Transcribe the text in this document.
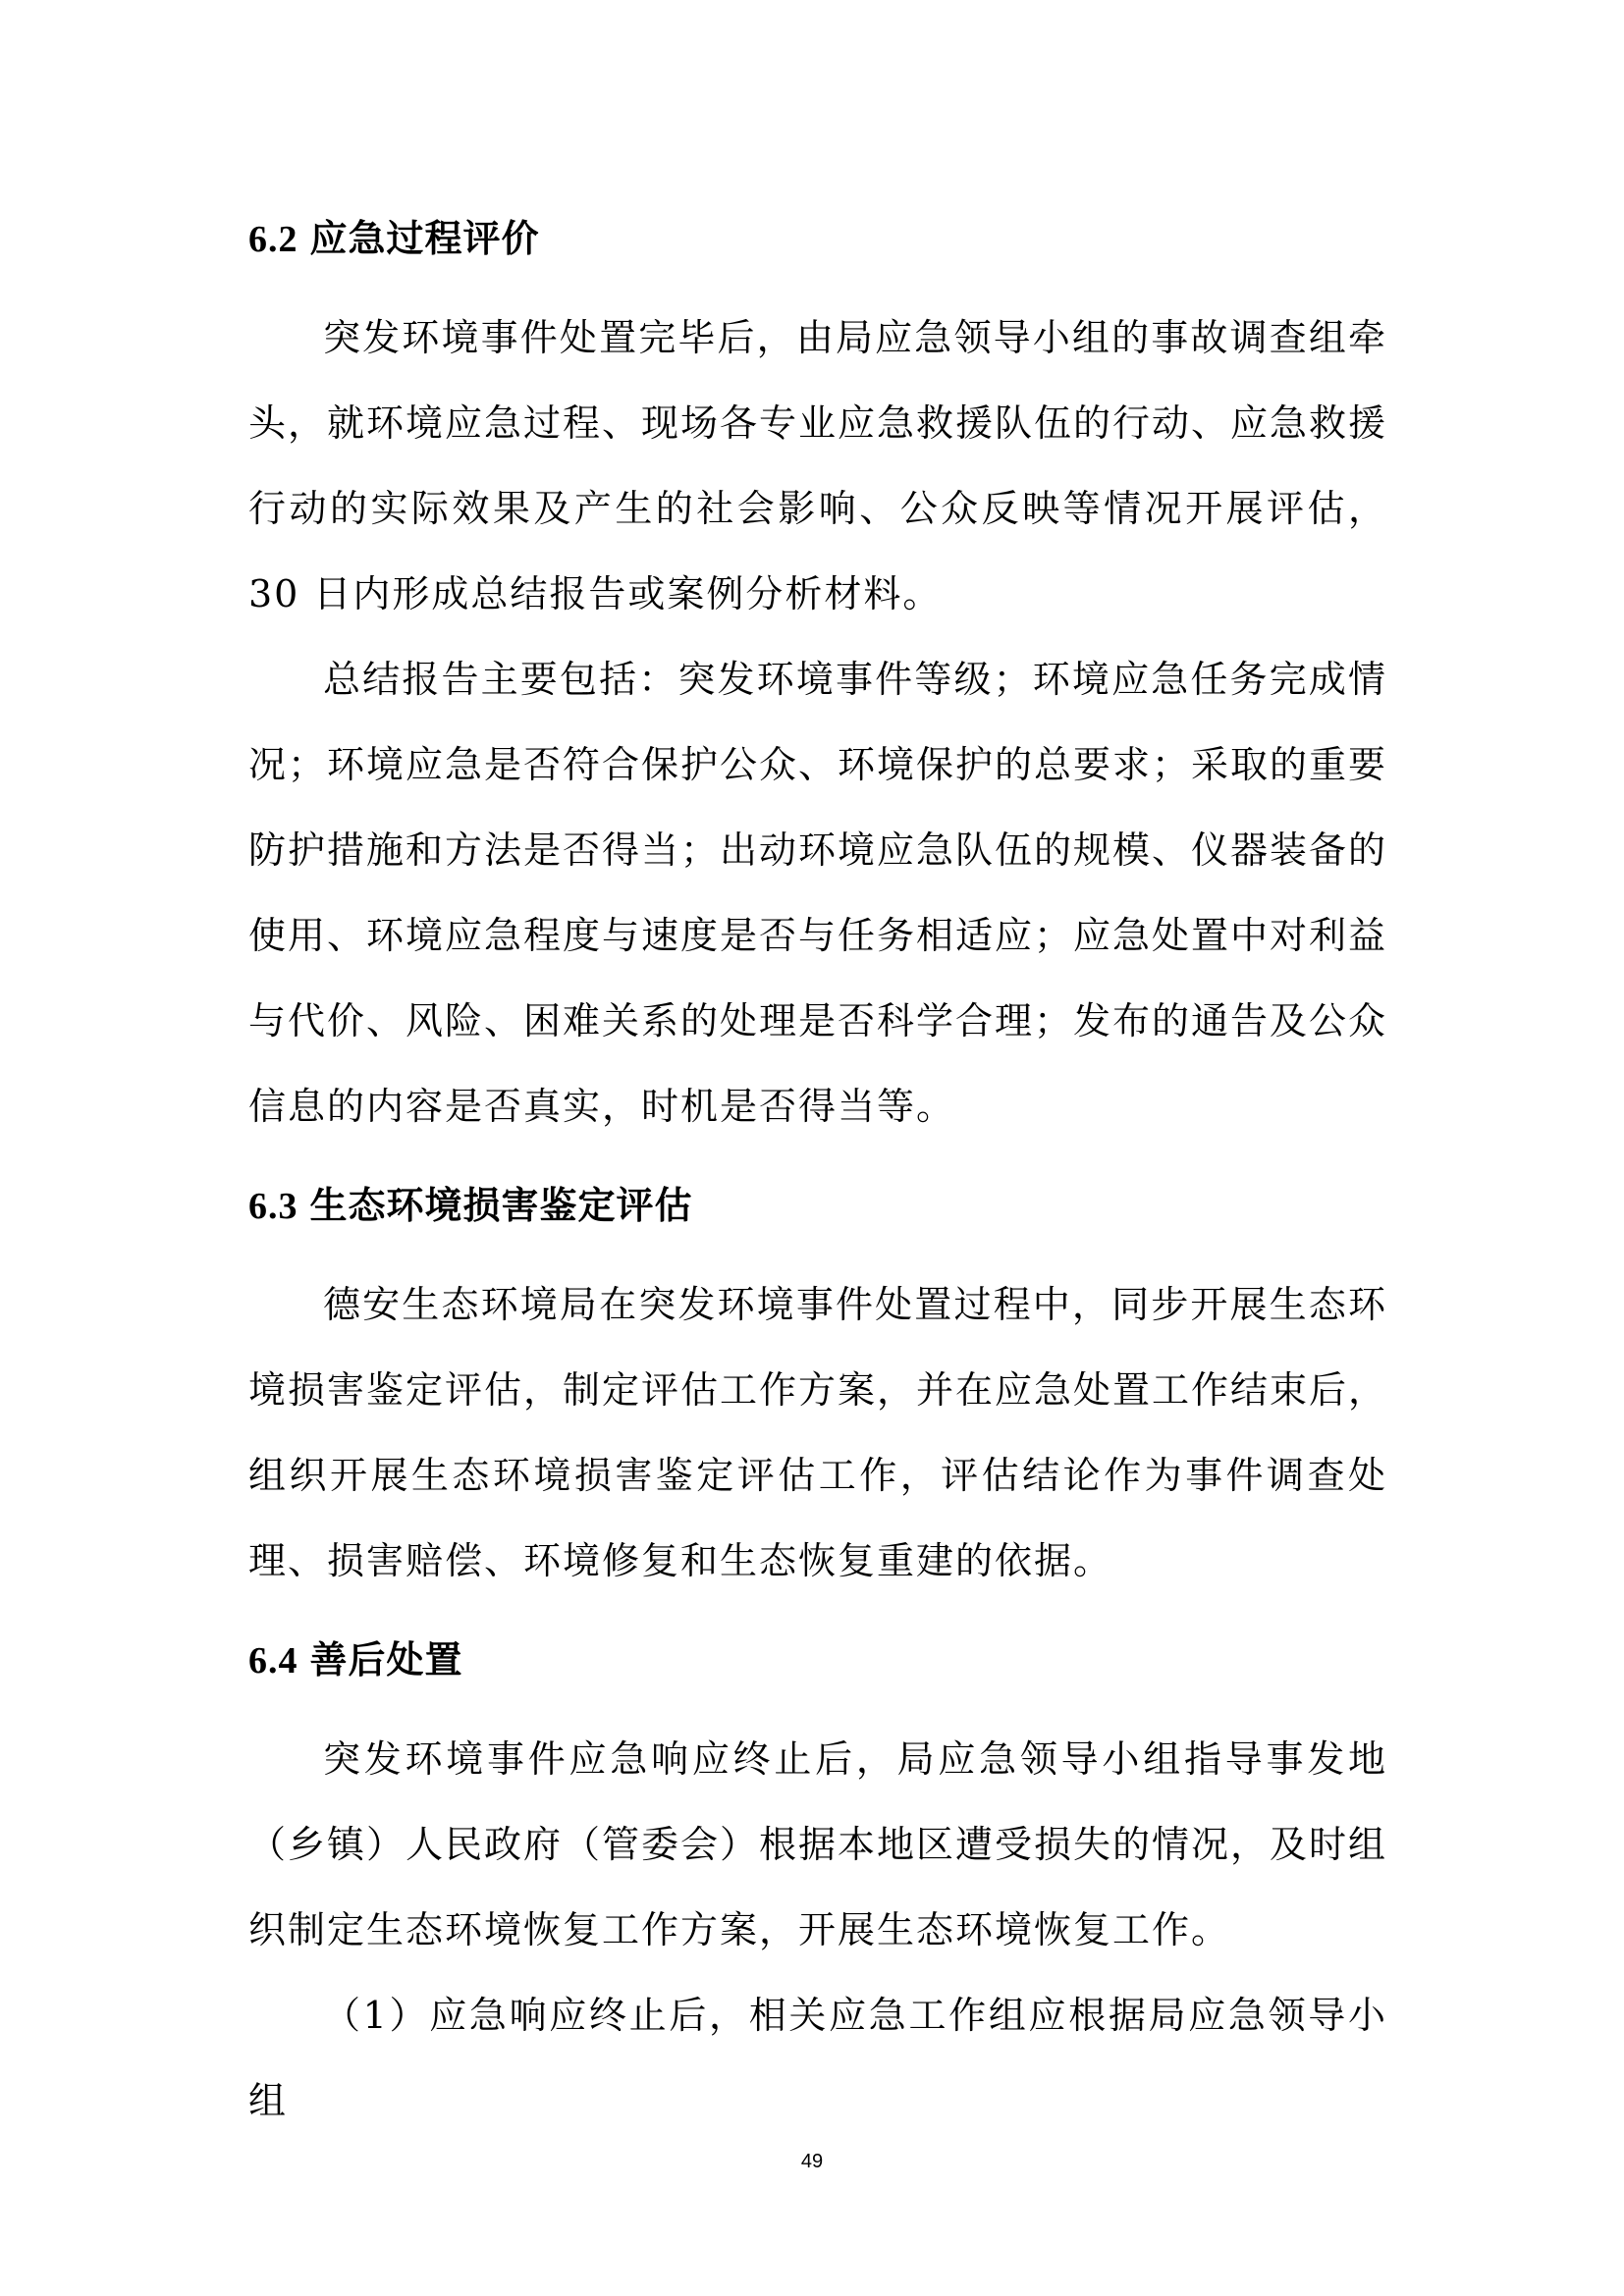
6.2 应急过程评价

突发环境事件处置完毕后，由局应急领导小组的事故调查组牵头，就环境应急过程、现场各专业应急救援队伍的行动、应急救援行动的实际效果及产生的社会影响、公众反映等情况开展评估，30 日内形成总结报告或案例分析材料。

总结报告主要包括：突发环境事件等级；环境应急任务完成情况；环境应急是否符合保护公众、环境保护的总要求；采取的重要防护措施和方法是否得当；出动环境应急队伍的规模、仪器装备的使用、环境应急程度与速度是否与任务相适应；应急处置中对利益与代价、风险、困难关系的处理是否科学合理；发布的通告及公众信息的内容是否真实，时机是否得当等。

6.3 生态环境损害鉴定评估

德安生态环境局在突发环境事件处置过程中，同步开展生态环境损害鉴定评估，制定评估工作方案，并在应急处置工作结束后，组织开展生态环境损害鉴定评估工作，评估结论作为事件调查处理、损害赔偿、环境修复和生态恢复重建的依据。

6.4 善后处置

突发环境事件应急响应终止后，局应急领导小组指导事发地（乡镇）人民政府（管委会）根据本地区遭受损失的情况，及时组织制定生态环境恢复工作方案，开展生态环境恢复工作。

（1）应急响应终止后，相关应急工作组应根据局应急领导小组

49
